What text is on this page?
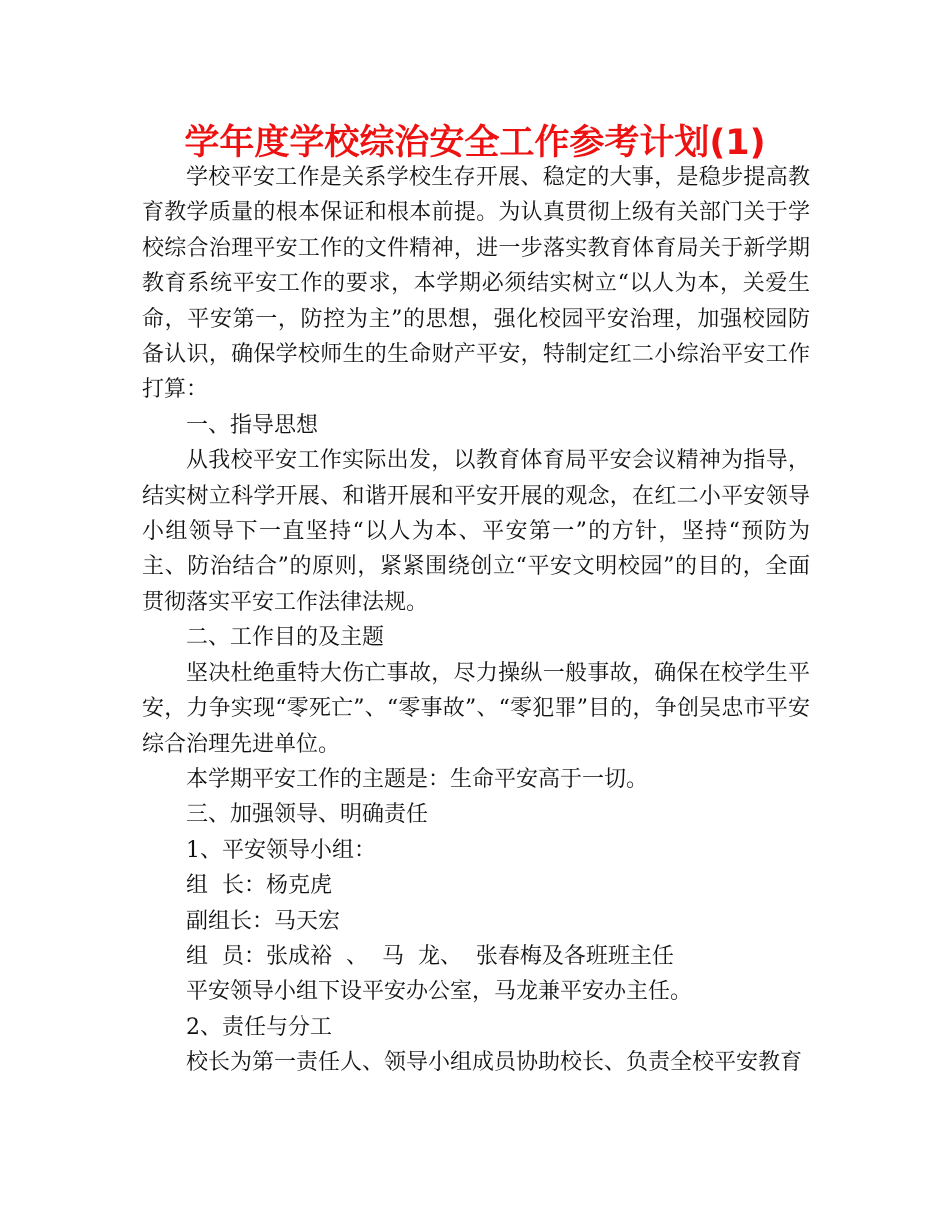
学年度学校综治安全工作参考计划(1)

学校平安工作是关系学校生存开展、稳定的大事，是稳步提高教育教学质量的根本保证和根本前提。为认真贯彻上级有关部门关于学校综合治理平安工作的文件精神，进一步落实教育体育局关于新学期教育系统平安工作的要求，本学期必须结实树立“以人为本，关爱生命，平安第一，防控为主”的思想，强化校园平安治理，加强校园防备认识，确保学校师生的生命财产平安，特制定红二小综治平安工作打算：

一、指导思想

从我校平安工作实际出发，以教育体育局平安会议精神为指导，结实树立科学开展、和谐开展和平安开展的观念，在红二小平安领导小组领导下一直坚持“以人为本、平安第一”的方针，坚持“预防为主、防治结合”的原则，紧紧围绕创立“平安文明校园”的目的，全面贯彻落实平安工作法律法规。

二、工作目的及主题

坚决杜绝重特大伤亡事故，尽力操纵一般事故，确保在校学生平安，力争实现“零死亡”、“零事故”、“零犯罪”目的，争创吴忠市平安综合治理先进单位。

本学期平安工作的主题是：生命平安高于一切。

三、加强领导、明确责任

1、平安领导小组：

组  长：杨克虎

副组长：马天宏

组  员：张成裕  、  马  龙、  张春梅及各班班主任

平安领导小组下设平安办公室，马龙兼平安办主任。

2、责任与分工

校长为第一责任人、领导小组成员协助校长、负责全校平安教育
